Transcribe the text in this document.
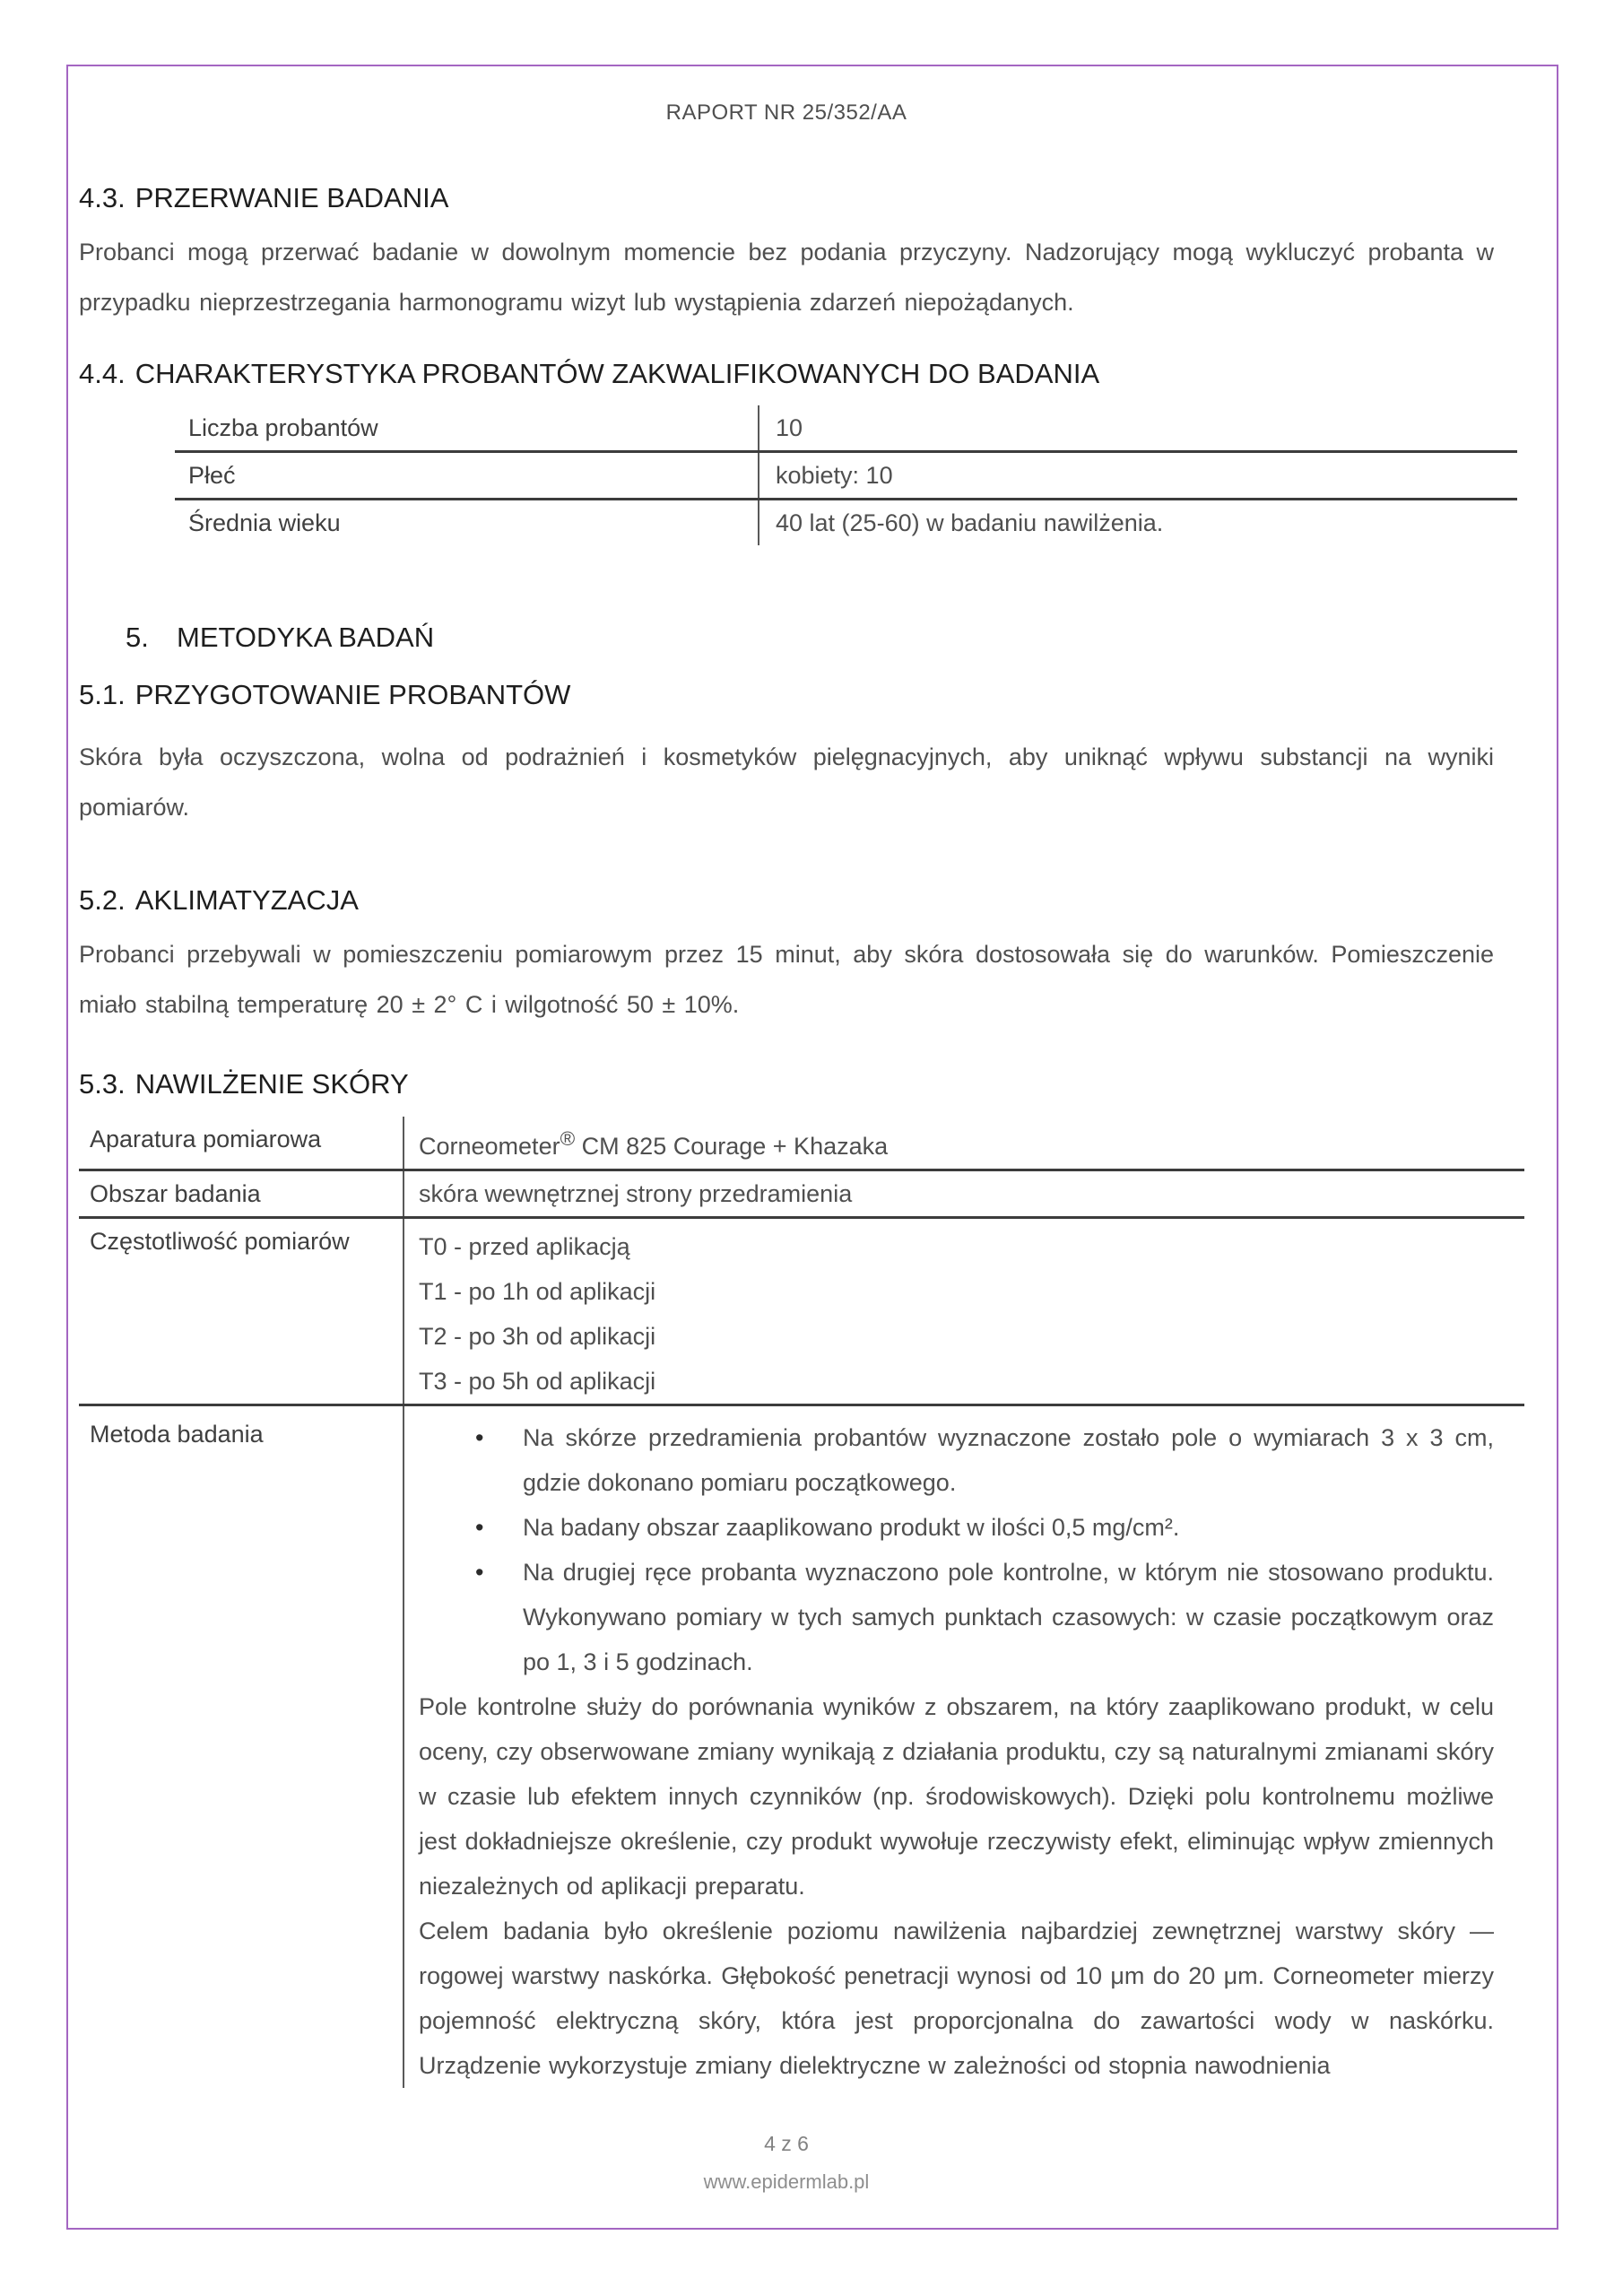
RAPORT NR 25/352/AA
4.3. PRZERWANIE BADANIA

Probanci mogą przerwać badanie w dowolnym momencie bez podania przyczyny. Nadzorujący mogą wykluczyć probanta w przypadku nieprzestrzegania harmonogramu wizyt lub wystąpienia zdarzeń niepożądanych.

4.4. CHARAKTERYSTYKA PROBANTÓW ZAKWALIFIKOWANYCH DO BADANIA
Liczba probantów	10
Płeć	kobiety: 10
Średnia wieku	40 lat (25-60) w badaniu nawilżenia.
5. METODYKA BADAŃ
5.1. PRZYGOTOWANIE PROBANTÓW

Skóra była oczyszczona, wolna od podrażnień i kosmetyków pielęgnacyjnych, aby uniknąć wpływu substancji na wyniki pomiarów.

5.2. AKLIMATYZACJA

Probanci przebywali w pomieszczeniu pomiarowym przez 15 minut, aby skóra dostosowała się do warunków. Pomieszczenie miało stabilną temperaturę 20 ± 2° C i wilgotność 50 ± 10%.

5.3. NAWILŻENIE SKÓRY
Aparatura pomiarowa	Corneometer® CM 825 Courage + Khazaka
Obszar badania	skóra wewnętrznej strony przedramienia
Częstotliwość pomiarów	T0 - przed aplikacją
T1 - po 1h od aplikacji
T2 - po 3h od aplikacji
T3 - po 5h od aplikacji
Metoda badania	• Na skórze przedramienia probantów wyznaczone zostało pole o wymiarach 3 x 3 cm, gdzie dokonano pomiaru początkowego.
• Na badany obszar zaaplikowano produkt w ilości 0,5 mg/cm².
• Na drugiej ręce probanta wyznaczono pole kontrolne, w którym nie stosowano produktu. Wykonywano pomiary w tych samych punktach czasowych: w czasie początkowym oraz po 1, 3 i 5 godzinach.

Pole kontrolne służy do porównania wyników z obszarem, na który zaaplikowano produkt, w celu oceny, czy obserwowane zmiany wynikają z działania produktu, czy są naturalnymi zmianami skóry w czasie lub efektem innych czynników (np. środowiskowych). Dzięki polu kontrolnemu możliwe jest dokładniejsze określenie, czy produkt wywołuje rzeczywisty efekt, eliminując wpływ zmiennych niezależnych od aplikacji preparatu.

Celem badania było określenie poziomu nawilżenia najbardziej zewnętrznej warstwy skóry — rogowej warstwy naskórka. Głębokość penetracji wynosi od 10 μm do 20 μm. Corneometer mierzy pojemność elektryczną skóry, która jest proporcjonalna do zawartości wody w naskórku. Urządzenie wykorzystuje zmiany dielektryczne w zależności od stopnia nawodnienia

4 z 6
www.epidermlab.pl
